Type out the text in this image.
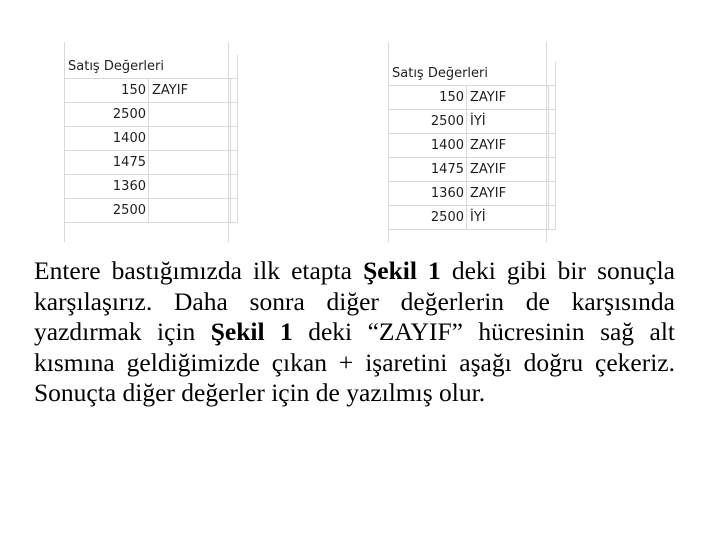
Satış Değerleri		
150	ZAYIF	
2500		
1400		
1475		
1360		
2500		
Satış Değerleri		
150	ZAYIF	
2500	İYİ	
1400	ZAYIF	
1475	ZAYIF	
1360	ZAYIF	
2500	İYİ	

Entere bastığımızda ilk etapta Şekil 1 deki gibi bir sonuçla karşılaşırız. Daha sonra diğer değerlerin de karşısında yazdırmak için Şekil 1 deki “ZAYIF” hücresinin sağ alt kısmına geldiğimizde çıkan + işaretini aşağı doğru çekeriz. Sonuçta diğer değerler için de yazılmış olur.
